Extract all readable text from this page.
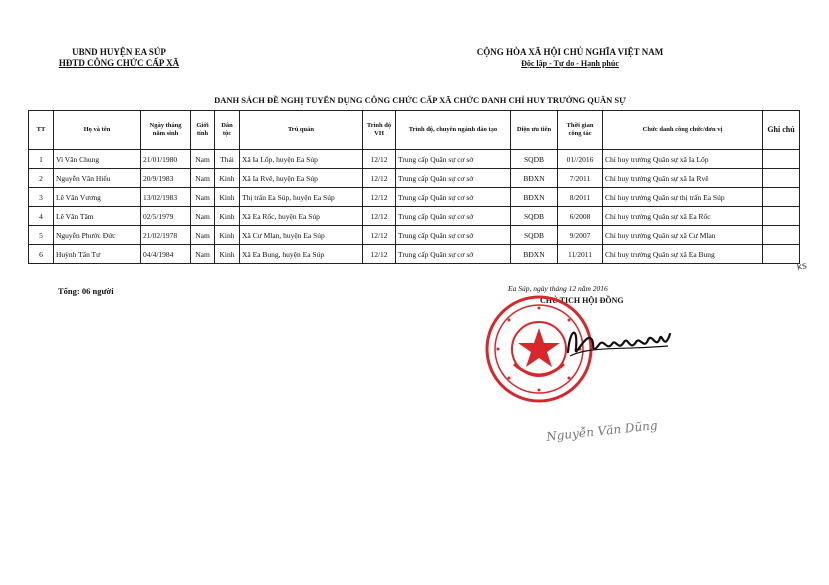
UBND HUYỆN EA SÚP
HĐTD CÔNG CHỨC CẤP XÃ
CỘNG HÒA XÃ HỘI CHỦ NGHĨA VIỆT NAM
Độc lập - Tự do - Hạnh phúc
DANH SÁCH ĐỀ NGHỊ TUYỂN DỤNG CÔNG CHỨC CẤP XÃ CHỨC DANH CHỈ HUY TRƯỞNG QUÂN SỰ
TT	Họ và tên	Ngày tháng năm sinh	Giới tính	Dân tộc	Trú quán	Trình độ VH	Trình độ, chuyên ngành đào tạo	Diện ưu tiên	Thời gian công tác	Chức danh công chức/đơn vị	Ghi chú
1	Vi Văn Chung	21/01/1980	Nam	Thái	Xã Ia Lốp, huyện Ea Súp	12/12	Trung cấp Quân sự cơ sở	SQDB	01//2016	Chỉ huy trưởng Quân sự xã Ia Lốp	
2	Nguyễn Văn Hiếu	20/9/1983	Nam	Kinh	Xã Ia Rvê, huyện Ea Súp	12/12	Trung cấp Quân sự cơ sở	BĐXN	7/2011	Chỉ huy trưởng Quân sự xã Ia Rvê	
3	Lê Văn Vương	13/02/1983	Nam	Kinh	Thị trấn Ea Súp, huyện Ea Súp	12/12	Trung cấp Quân sự cơ sở	BĐXN	8/2011	Chỉ huy trưởng Quân sự thị trấn Ea Súp	
4	Lê Văn Tâm	02/5/1979	Nam	Kinh	Xã Ea Rốc, huyện Ea Súp	12/12	Trung cấp Quân sự cơ sở	SQDB	6/2008	Chỉ huy trưởng Quân sự xã Ea Rốc	
5	Nguyễn Phước Đức	21/02/1978	Nam	Kinh	Xã Cư Mlan, huyện Ea Súp	12/12	Trung cấp Quân sự cơ sở	SQDB	9/2007	Chỉ huy trưởng Quân sự xã Cư Mlan	
6	Huỳnh Tấn Tư	04/4/1984	Nam	Kinh	Xã Ea Bung, huyện Ea Súp	12/12	Trung cấp Quân sự cơ sở	BĐXN	11/2011	Chỉ huy trưởng Quân sự xã Ea Bung	
Tổng: 06 người	Ea Súp, ngày tháng 12 năm 2016
CHỦ TỊCH HỘI ĐỒNG
Nguyễn Văn Dũng
ks
